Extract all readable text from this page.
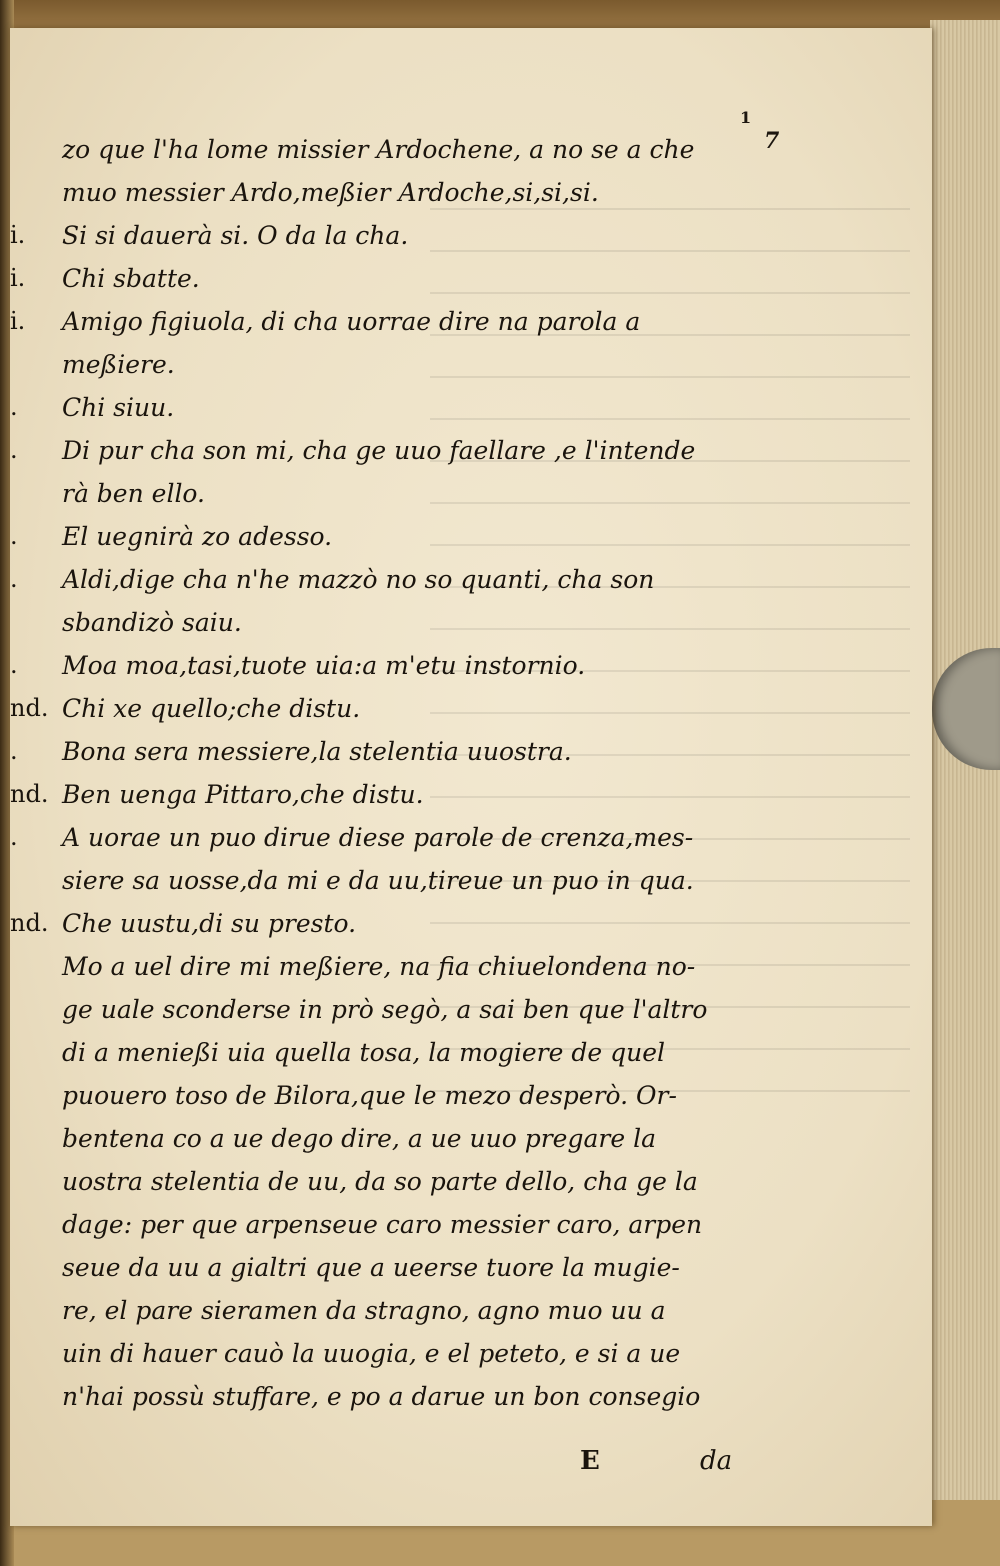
1
7
i.
i.
i.
.
.
.
.
.
nd.
.
nd.
.
nd.
zo que l'ha lome missier Ardochene, a no se a che
muo messier Ardo,meßier Ardoche,si,si,si.
Si si dauerà si. O da la cha.
Chi sbatte.
Amigo figiuola, di cha uorrae dire na parola a
meßiere.
Chi siuu.
Di pur cha son mi, cha ge uuo faellare ,e l'intende
rà ben ello.
El uegnirà zo adesso.
Aldi,dige cha n'he mazzò no so quanti, cha son
sbandizò saiu.
Moa moa,tasi,tuote uia:a m'etu instornio.
Chi xe quello;che distu.
Bona sera messiere,la stelentia uuostra.
Ben uenga Pittaro,che distu.
A uorae un puo dirue diese parole de crenza,mes-
siere sa uosse,da mi e da uu,tireue un puo in qua.
Che uustu,di su presto.
Mo a uel dire mi meßiere, na fia chiuelondena no-
ge uale sconderse in prò segò, a sai ben que l'altro
di a menießi uia quella tosa, la mogiere de quel
puouero toso de Bilora,que le mezo desperò. Or-
bentena co a ue dego dire, a ue uuo pregare la
uostra stelentia de uu, da so parte dello, cha ge la
dage: per que arpenseue caro messier caro, arpen
seue da uu a gialtri que a ueerse tuore la mugie-
re, el pare sieramen da stragno, agno muo uu a
uin di hauer cauò la uuogia, e el peteto, e si a ue
n'hai possù stuffare, e po a darue un bon consegio
E	da
